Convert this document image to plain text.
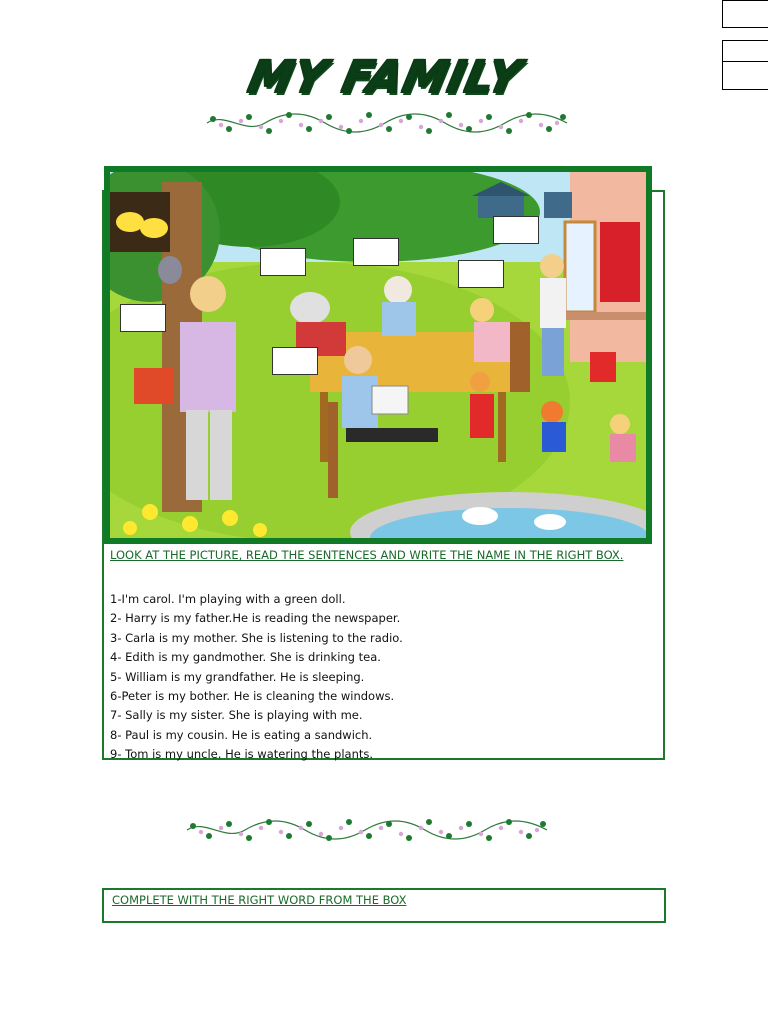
MY FAMILY
LOOK AT THE PICTURE, READ THE SENTENCES AND WRITE THE NAME IN THE RIGHT BOX.
1-I'm carol. I'm playing with a green doll.
2- Harry is my father.He is reading the newspaper.
3- Carla is my mother. She is listening to the radio.
4- Edith is my gandmother. She is drinking tea.
5- William is my grandfather. He is sleeping.
6-Peter is my bother. He is cleaning the windows.
7- Sally is my sister. She is playing with me.
8- Paul is my cousin. He is eating a sandwich.
9- Tom is my uncle. He is watering the plants.
COMPLETE WITH THE RIGHT WORD FROM THE BOX
